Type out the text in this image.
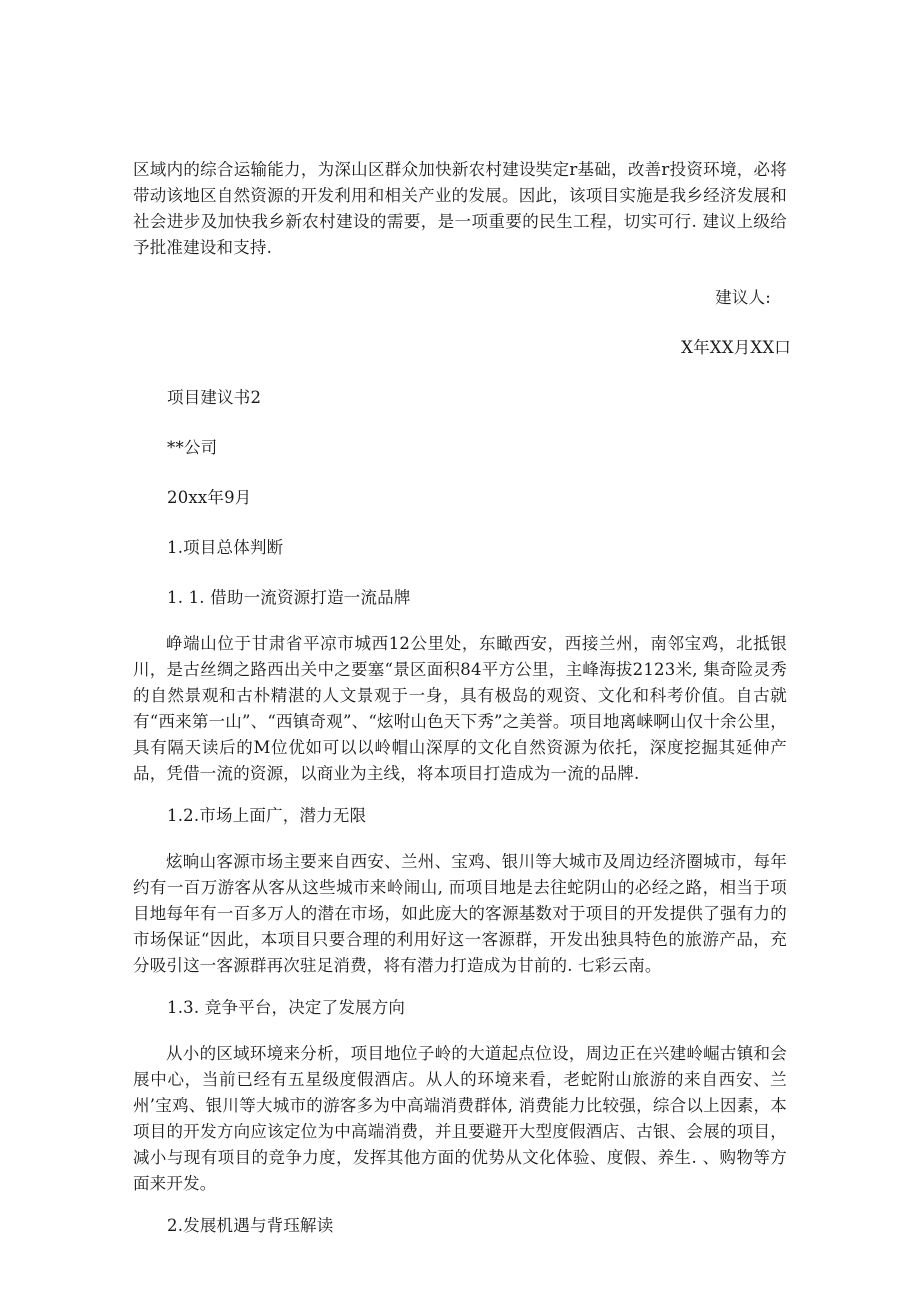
区域内的综合运输能力，为深山区群众加快新农村建设奘定r基础，改善r投资环境，必将带动该地区自然资源的开发利用和相关产业的发展。因此，该项目实施是我乡经济发展和社会进步及加快我乡新农村建设的需要，是一项重要的民生工程，切实可行. 建议上级给予批准建设和支持.

建议人:

X年XX月XX口

项目建议书2

**公司

20xx年9月

1.项目总体判断

1. 1. 借助一流资源打造一流品牌

峥端山位于甘肃省平凉市城西12公里处，东瞰西安，西接兰州，南邻宝鸡，北抵银川，是古丝绸之路西出关中之要塞“景区面积84平方公里，主峰海拔2123米, 集奇险灵秀的自然景观和古朴精湛的人文景观于一身，具有极岛的观资、文化和科考价值。自古就有“西来第一山”、“西镇奇观”、“炫咐山色天下秀”之美誉。项目地离崃啊山仅十余公里，具有隔天读后的M位优如可以以岭帽山深厚的文化自然资源为依托，深度挖掘其延伸产品，凭借一流的资源，以商业为主线，将本项目打造成为一流的品牌.

1.2.市场上面广，潜力无限

炫晌山客源市场主要来自西安、兰州、宝鸡、银川等大城市及周边经济圈城市，每年约有一百万游客从客从这些城市来岭闹山, 而项目地是去往蛇阴山的必经之路，相当于项目地每年有一百多万人的潜在市场，如此庞大的客源基数对于项目的开发提供了强有力的市场保证“因此，本项目只要合理的利用好这一客源群，开发出独具特色的旅游产品，充分吸引这一客源群再次驻足消费，将有潜力打造成为甘前的. 七彩云南。

1.3. 竞争平台，决定了发展方向

从小的区域环境来分析，项目地位子岭的大道起点位设，周边正在兴建岭崛古镇和会展中心，当前已经有五星级度假酒店。从人的环境来看，老蛇附山旅游的来自西安、兰州’宝鸡、银川等大城市的游客多为中高端消费群体, 消费能力比较强，综合以上因素，本项目的开发方向应该定位为中高端消费，并且要避开大型度假酒店、古银、会展的项目，减小与现有项目的竞争力度，发挥其他方面的优势从文化体验、度假、养生. 、购物等方面来开发。

2.发展机遇与背珏解读
